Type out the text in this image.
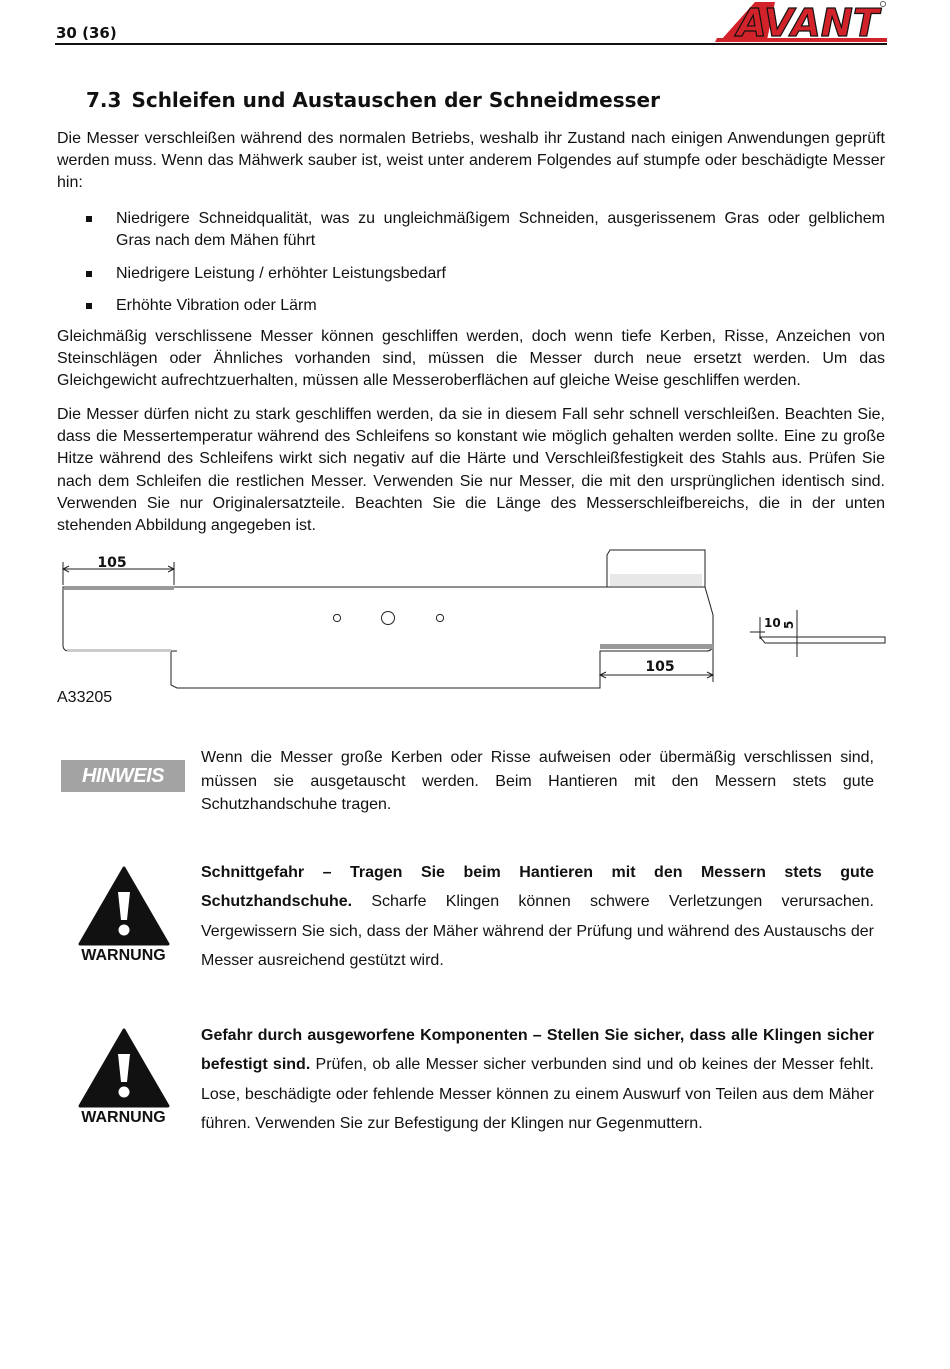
30 (36)	AVANT
7.3 Schleifen und Austauschen der Schneidmesser

Die Messer verschleißen während des normalen Betriebs, weshalb ihr Zustand nach einigen Anwendungen geprüft werden muss. Wenn das Mähwerk sauber ist, weist unter anderem Folgendes auf stumpfe oder beschädigte Messer hin:

Niedrigere Schneidqualität, was zu ungleichmäßigem Schneiden, ausgerissenem Gras oder gelblichem Gras nach dem Mähen führt
Niedrigere Leistung / erhöhter Leistungsbedarf
Erhöhte Vibration oder Lärm

Gleichmäßig verschlissene Messer können geschliffen werden, doch wenn tiefe Kerben, Risse, Anzeichen von Steinschlägen oder Ähnliches vorhanden sind, müssen die Messer durch neue ersetzt werden. Um das Gleichgewicht aufrechtzuerhalten, müssen alle Messeroberflächen auf gleiche Weise geschliffen werden.

Die Messer dürfen nicht zu stark geschliffen werden, da sie in diesem Fall sehr schnell verschleißen. Beachten Sie, dass die Messertemperatur während des Schleifens so konstant wie möglich gehalten werden sollte. Eine zu große Hitze während des Schleifens wirkt sich negativ auf die Härte und Verschleißfestigkeit des Stahls aus. Prüfen Sie nach dem Schleifen die restlichen Messer. Verwenden Sie nur Messer, die mit den ursprünglichen identisch sind. Verwenden Sie nur Originalersatzteile. Beachten Sie die Länge des Messerschleifbereichs, die in der unten stehenden Abbildung angegeben ist.

105
105
10 5
A33205
HINWEIS

Wenn die Messer große Kerben oder Risse aufweisen oder übermäßig verschlissen sind, müssen sie ausgetauscht werden. Beim Hantieren mit den Messern stets gute Schutzhandschuhe tragen.

WARNUNG

Schnittgefahr – Tragen Sie beim Hantieren mit den Messern stets gute Schutzhandschuhe. Scharfe Klingen können schwere Verletzungen verursachen. Vergewissern Sie sich, dass der Mäher während der Prüfung und während des Austauschs der Messer ausreichend gestützt wird.

WARNUNG

Gefahr durch ausgeworfene Komponenten – Stellen Sie sicher, dass alle Klingen sicher befestigt sind. Prüfen, ob alle Messer sicher verbunden sind und ob keines der Messer fehlt. Lose, beschädigte oder fehlende Messer können zu einem Auswurf von Teilen aus dem Mäher führen. Verwenden Sie zur Befestigung der Klingen nur Gegenmuttern.
